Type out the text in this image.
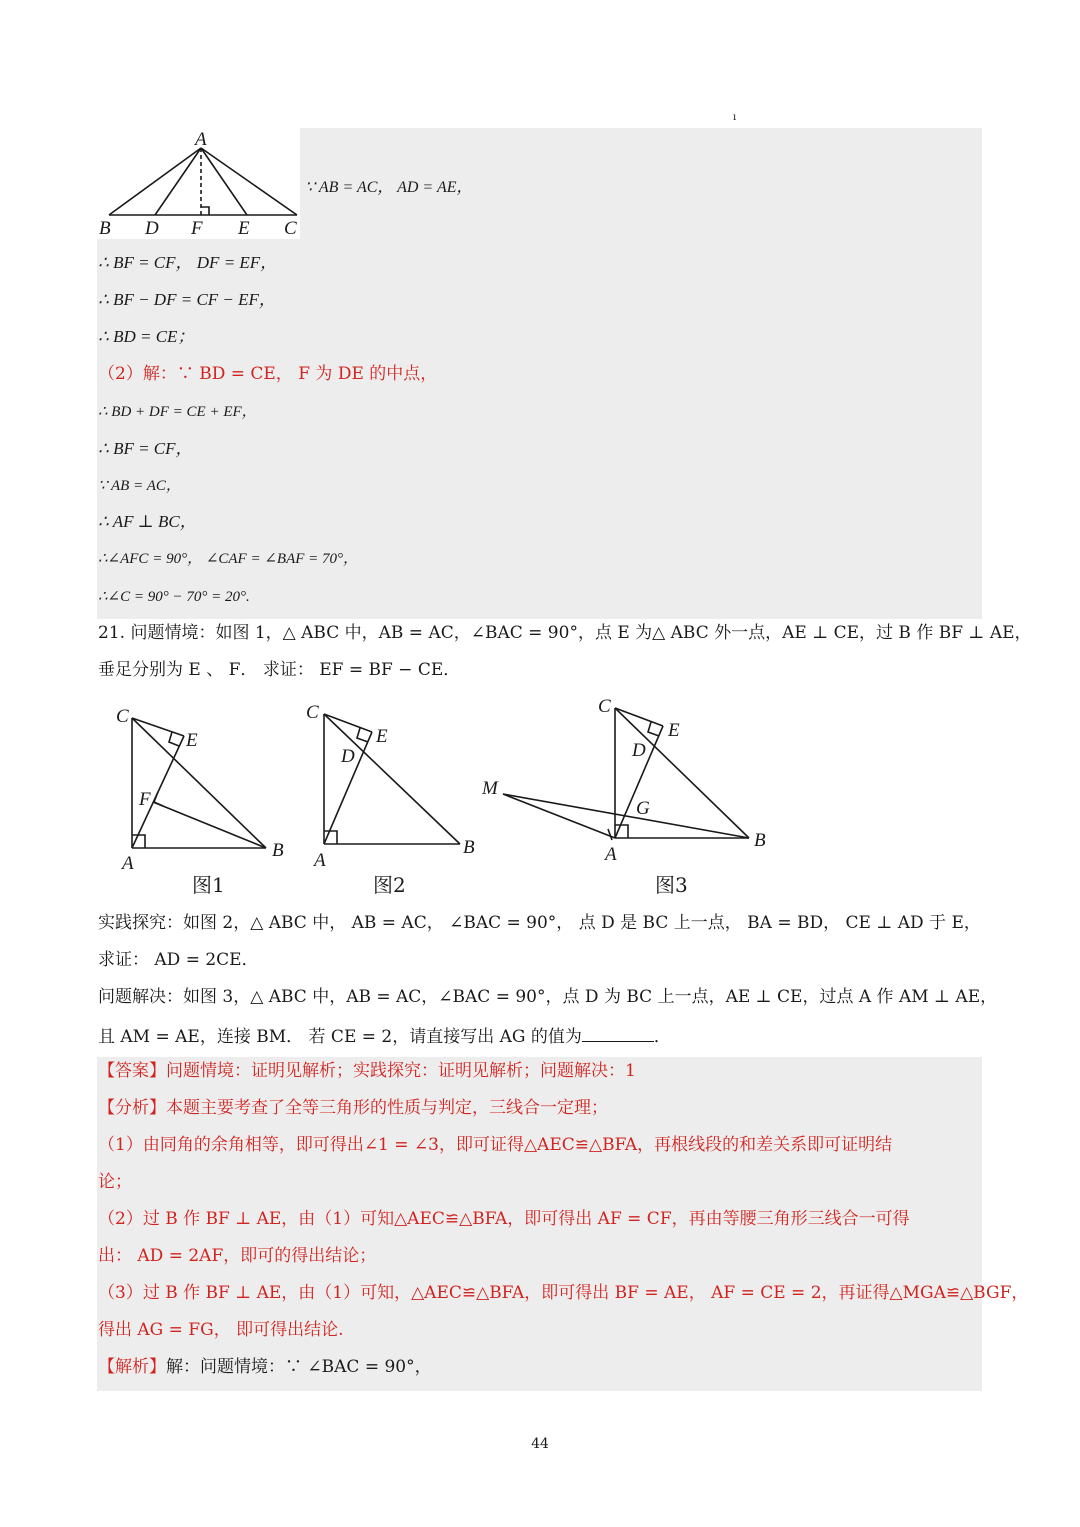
ı
A
B D F E C
∵ AB = AC， AD = AE，
∴ BF = CF， DF = EF，
∴ BF − DF = CF − EF，
∴ BD = CE；
（2）解：∵ BD = CE， F 为 DE 的中点，
∴ BD + DF = CE + EF，
∴ BF = CF，
∵ AB = AC，
∴ AF ⊥ BC，
∴∠AFC = 90°， ∠CAF = ∠BAF = 70°，
∴∠C = 90° − 70° = 20°.
21. 问题情境：如图 1，△ ABC 中，AB = AC，∠BAC = 90°，点 E 为△ ABC 外一点，AE ⊥ CE，过 B 作 BF ⊥ AE，
垂足分别为 E 、 F． 求证： EF = BF − CE．
C
E
F
A
B
图1
C
E
D
A
B
图2
C
E
D
M
G
A
B
图3
实践探究：如图 2，△ ABC 中， AB = AC， ∠BAC = 90°， 点 D 是 BC 上一点， BA = BD， CE ⊥ AD 于 E，
求证： AD = 2CE．
问题解决：如图 3，△ ABC 中，AB = AC，∠BAC = 90°，点 D 为 BC 上一点，AE ⊥ CE，过点 A 作 AM ⊥ AE，
且 AM = AE，连接 BM． 若 CE = 2，请直接写出 AG 的值为	．
【答案】问题情境：证明见解析；实践探究：证明见解析；问题解决：1
【分析】本题主要考查了全等三角形的性质与判定，三线合一定理；
（1）由同角的余角相等，即可得出∠1 = ∠3，即可证得△AEC≌△BFA，再根线段的和差关系即可证明结
论；
（2）过 B 作 BF ⊥ AE，由（1）可知△AEC≌△BFA，即可得出 AF = CF，再由等腰三角形三线合一可得
出： AD = 2AF，即可的得出结论；
（3）过 B 作 BF ⊥ AE，由（1）可知，△AEC≌△BFA，即可得出 BF = AE， AF = CE = 2，再证得△MGA≌△BGF，
得出 AG = FG， 即可得出结论.
【解析】解：问题情境：∵ ∠BAC = 90°，
44
